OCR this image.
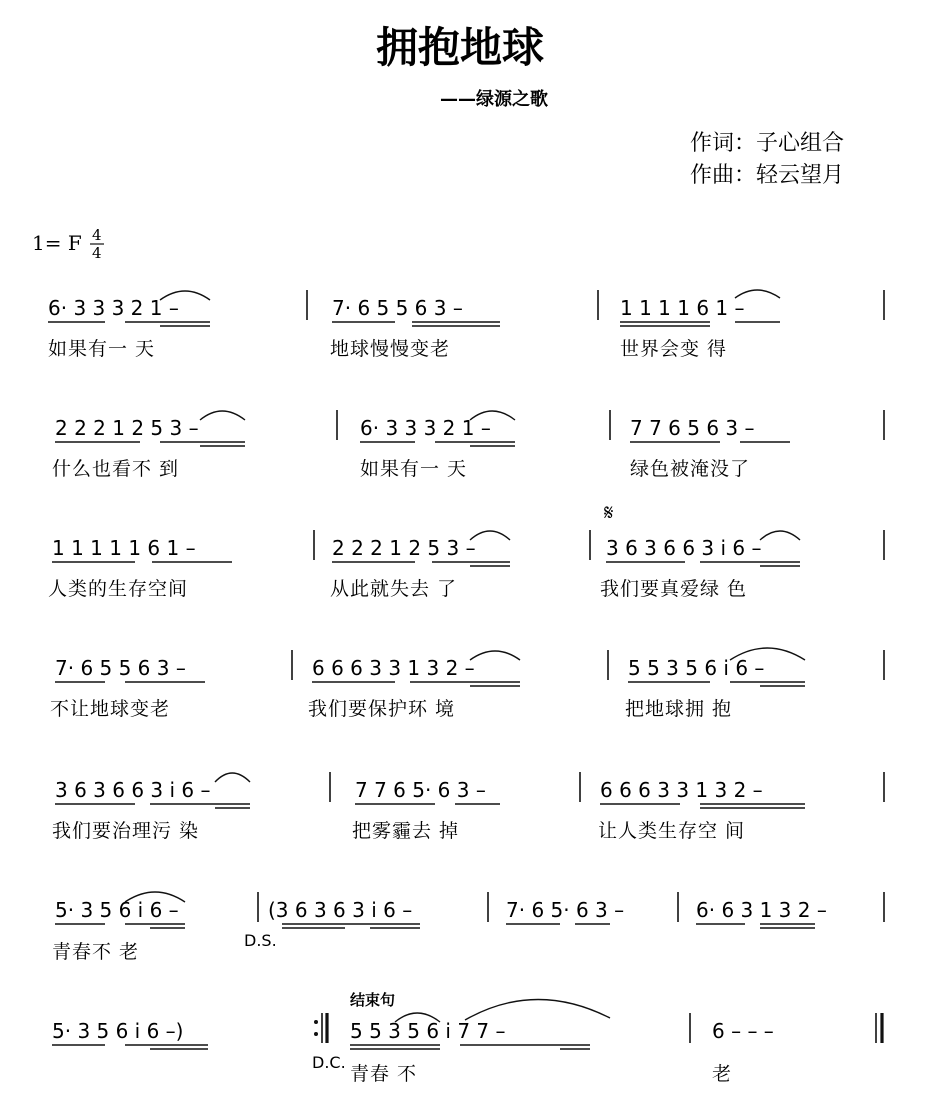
拥抱地球
——绿源之歌
作词：子心组合
作曲：轻云望月
1= F 4
4
6· 3 3 3 2 1 –	7· 6 5 5 6 3 –	1 1 1 1 6 1 –
如果有一 天	地球慢慢变老	世界会变 得
2 2 2 1 2 5 3 –	6· 3 3 3 2 1 –	7 7 6 5 6 3 –
什么也看不 到	如果有一 天	绿色被淹没了
𝄋
1 1 1 1 1 6 1 –	2 2 2 1 2 5 3 –	3 6 3 6 6 3 i 6 –
人类的生存空间	从此就失去 了	我们要真爱绿 色
7· 6 5 5 6 3 –	6 6 6 3 3 1 3 2 –	5 5 3 5 6 i 6 –
不让地球变老	我们要保护环 境	把地球拥 抱
3 6 3 6 6 3 i 6 –	7 7 6 5· 6 3 –	6 6 6 3 3 1 3 2 –
我们要治理污 染	把雾霾去 掉	让人类生存空 间
5· 3 5 6 i 6 –	(3 6 3 6 3 i 6 –	7· 6 5· 6 3 –	6· 6 3 1 3 2 –
D.S.
青春不 老
结束句
5· 3 5 6 i 6 –)	5 5 3 5 6 i 7 7 –	6 – – –
D.C.
青春 不	老
